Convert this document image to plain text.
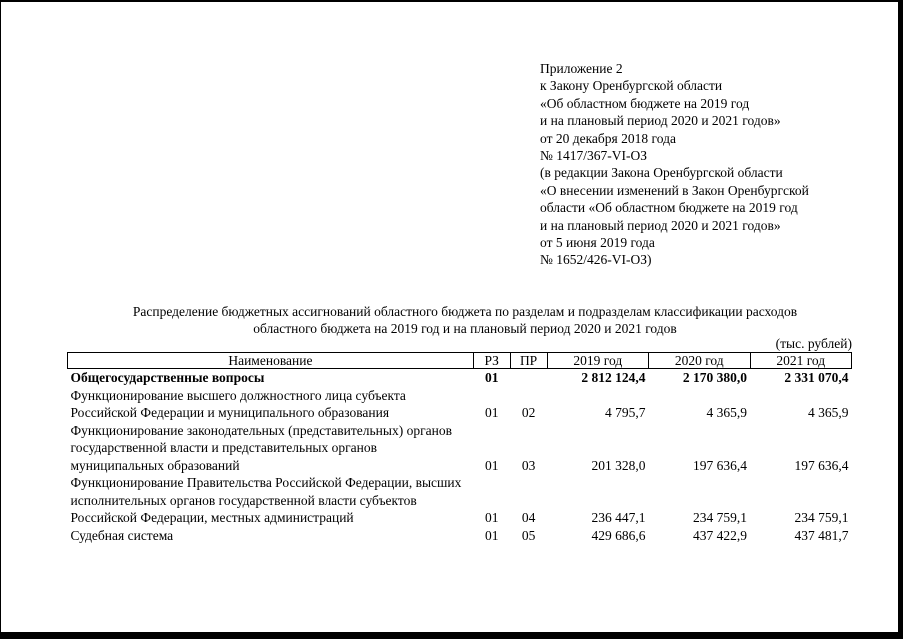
Приложение 2
к Закону Оренбургской области
«Об областном бюджете на 2019 год
и на плановый период 2020 и 2021 годов»
от 20 декабря 2018 года
№ 1417/367-VI-ОЗ
(в редакции Закона Оренбургской области
«О внесении изменений в Закон Оренбургской
области «Об областном бюджете на 2019 год
и на плановый период 2020 и 2021 годов»
от 5 июня 2019 года
№ 1652/426-VI-ОЗ)
Распределение бюджетных ассигнований областного бюджета по разделам и подразделам классификации расходов
областного бюджета на 2019 год и на плановый период 2020 и 2021 годов
(тыс. рублей)
Наименование	РЗ	ПР	2019 год	2020 год	2021 год
Общегосударственные вопросы	01		2 812 124,4	2 170 380,0	2 331 070,4
Функционирование высшего должностного лица субъекта Российской Федерации и муниципального образования	01	02	4 795,7	4 365,9	4 365,9
Функционирование законодательных (представительных) органов государственной власти и представительных органов муниципальных образований	01	03	201 328,0	197 636,4	197 636,4
Функционирование Правительства Российской Федерации, высших исполнительных органов государственной власти субъектов Российской Федерации, местных администраций	01	04	236 447,1	234 759,1	234 759,1
Судебная система	01	05	429 686,6	437 422,9	437 481,7
